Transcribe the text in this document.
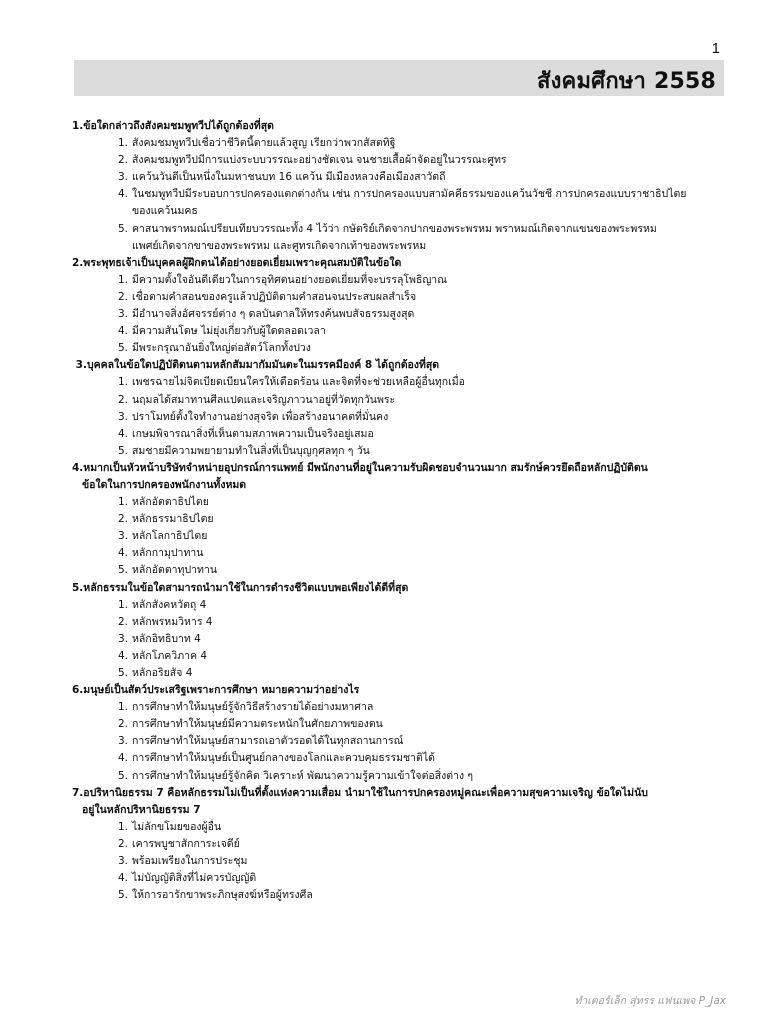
1
สังคมศึกษา 2558
1. ข้อใดกล่าวถึงสังคมชมพูทวีปได้ถูกต้องที่สุด
1. สังคมชมพูทวีปเชื่อว่าชีวิตนี้ตายแล้วสูญ เรียกว่าพวกสัสตทิฐิ
2. สังคมชมพูทวีปมีการแบ่งระบบวรรณะอย่างชัดเจน จนชายเสื้อผ้าจัดอยู่ในวรรณะศูทร
3. แคว้นวันตีเป็นหนึ่งในมหาชนบท 16 แคว้น มีเมืองหลวงคือเมืองสาวัตถี
4. ในชมพูทวีปมีระบอบการปกครองแตกต่างกัน เช่น การปกครองแบบสามัคคีธรรมของแคว้นวัชชี การปกครองแบบราชาธิปไตย
ของแคว้นมคธ
5. คาสนาพราหมณ์เปรียบเทียบวรรณะทั้ง 4 ไว้ว่า กษัตริย์เกิดจากปากของพระพรหม พราหมณ์เกิดจากแขนของพระพรหม
แพศย์เกิดจากขาของพระพรหม และศูทรเกิดจากเท้าของพระพรหม
2. พระพุทธเจ้าเป็นบุคคลผู้ฝึกตนได้อย่างยอดเยี่ยมเพราะคุณสมบัติในข้อใด
1. มีความตั้งใจอันดีเดียวในการอุทิศตนอย่างยอดเยี่ยมที่จะบรรลุโพธิญาณ
2. เชื่อตามคำสอนของครูแล้วปฏิบัติตามคำสอนจนประสบผลสำเร็จ
3. มีอำนาจสิ่งอัศจรรย์ต่าง ๆ ดลบันดาลให้ทรงค้นพบสัจธรรมสูงสุด
4. มีความสันโดษ ไม่ยุ่งเกี่ยวกับผู้ใดตลอดเวลา
5. มีพระกรุณาอันยิ่งใหญ่ต่อสัตว์โลกทั้งปวง
3. บุคคลในข้อใดปฏิบัติตนตามหลักสัมมากัมมันตะในมรรคมีองค์ 8 ได้ถูกต้องที่สุด
1. เพชรฉายไม่จิตเบียดเบียนใครให้เดือดร้อน และจิตที่จะช่วยเหลือผู้อื่นทุกเมื่อ
2. นฤมลได้สมาทานศีลแปดและเจริญภาวนาอยู่ที่วัดทุกวันพระ
3. ปราโมทย์ตั้งใจทำงานอย่างสุจริต เพื่อสร้างอนาคตที่มั่นคง
4. เกษมพิจารณาสิ่งที่เห็นตามสภาพความเป็นจริงอยู่เสมอ
5. สมชายมีความพยายามทำในสิ่งที่เป็นบุญกุศลทุก ๆ วัน
4. หมากเป็นหัวหน้าบริษัทจำหน่ายอุปกรณ์การแพทย์ มีพนักงานที่อยู่ในความรับผิดชอบจำนวนมาก สมรักษ์ควรยึดถือหลักปฏิบัติตน
ข้อใดในการปกครองพนักงานทั้งหมด
1. หลักอัตตาธิปไตย
2. หลักธรรมาธิปไตย
3. หลักโลกาธิปไตย
4. หลักกามุปาทาน
5. หลักอัตตาทุปาทาน
5. หลักธรรมในข้อใดสามารถนำมาใช้ในการดำรงชีวิตแบบพอเพียงได้ดีที่สุด
1. หลักสังคหวัตถุ 4
2. หลักพรหมวิหาร 4
3. หลักอิทธิบาท 4
4. หลักโภควิภาค 4
5. หลักอริยสัจ 4
6. มนุษย์เป็นสัตว์ประเสริฐเพราะการศึกษา หมายความว่าอย่างไร
1. การศึกษาทำให้มนุษย์รู้จักวิธีสร้างรายได้อย่างมหาศาล
2. การศึกษาทำให้มนุษย์มีความตระหนักในศักยภาพของตน
3. การศึกษาทำให้มนุษย์สามารถเอาตัวรอดได้ในทุกสถานการณ์
4. การศึกษาทำให้มนุษย์เป็นศูนย์กลางของโลกและควบคุมธรรมชาติได้
5. การศึกษาทำให้มนุษย์รู้จักคิด วิเคราะห์ พัฒนาความรู้ความเข้าใจต่อสิ่งต่าง ๆ
7. อปริหานิยธรรม 7 คือหลักธรรมไม่เป็นที่ตั้งแห่งความเสื่อม นำมาใช้ในการปกครองหมู่คณะเพื่อความสุขความเจริญ ข้อใดไม่นับ
อยู่ในหลักปริหานิยธรรม 7
1. ไม่ลักขโมยของผู้อื่น
2. เคารพบูชาสักการะเจดีย์
3. พร้อมเพรียงในการประชุม
4. ไม่บัญญัติสิ่งที่ไม่ควรบัญญัติ
5. ให้การอารักขาพระภิกษุสงฆ์หรือผู้ทรงศีล
ทำเตอร์เล็ก สุ่ทรร แฟนเพจ P_Jax
